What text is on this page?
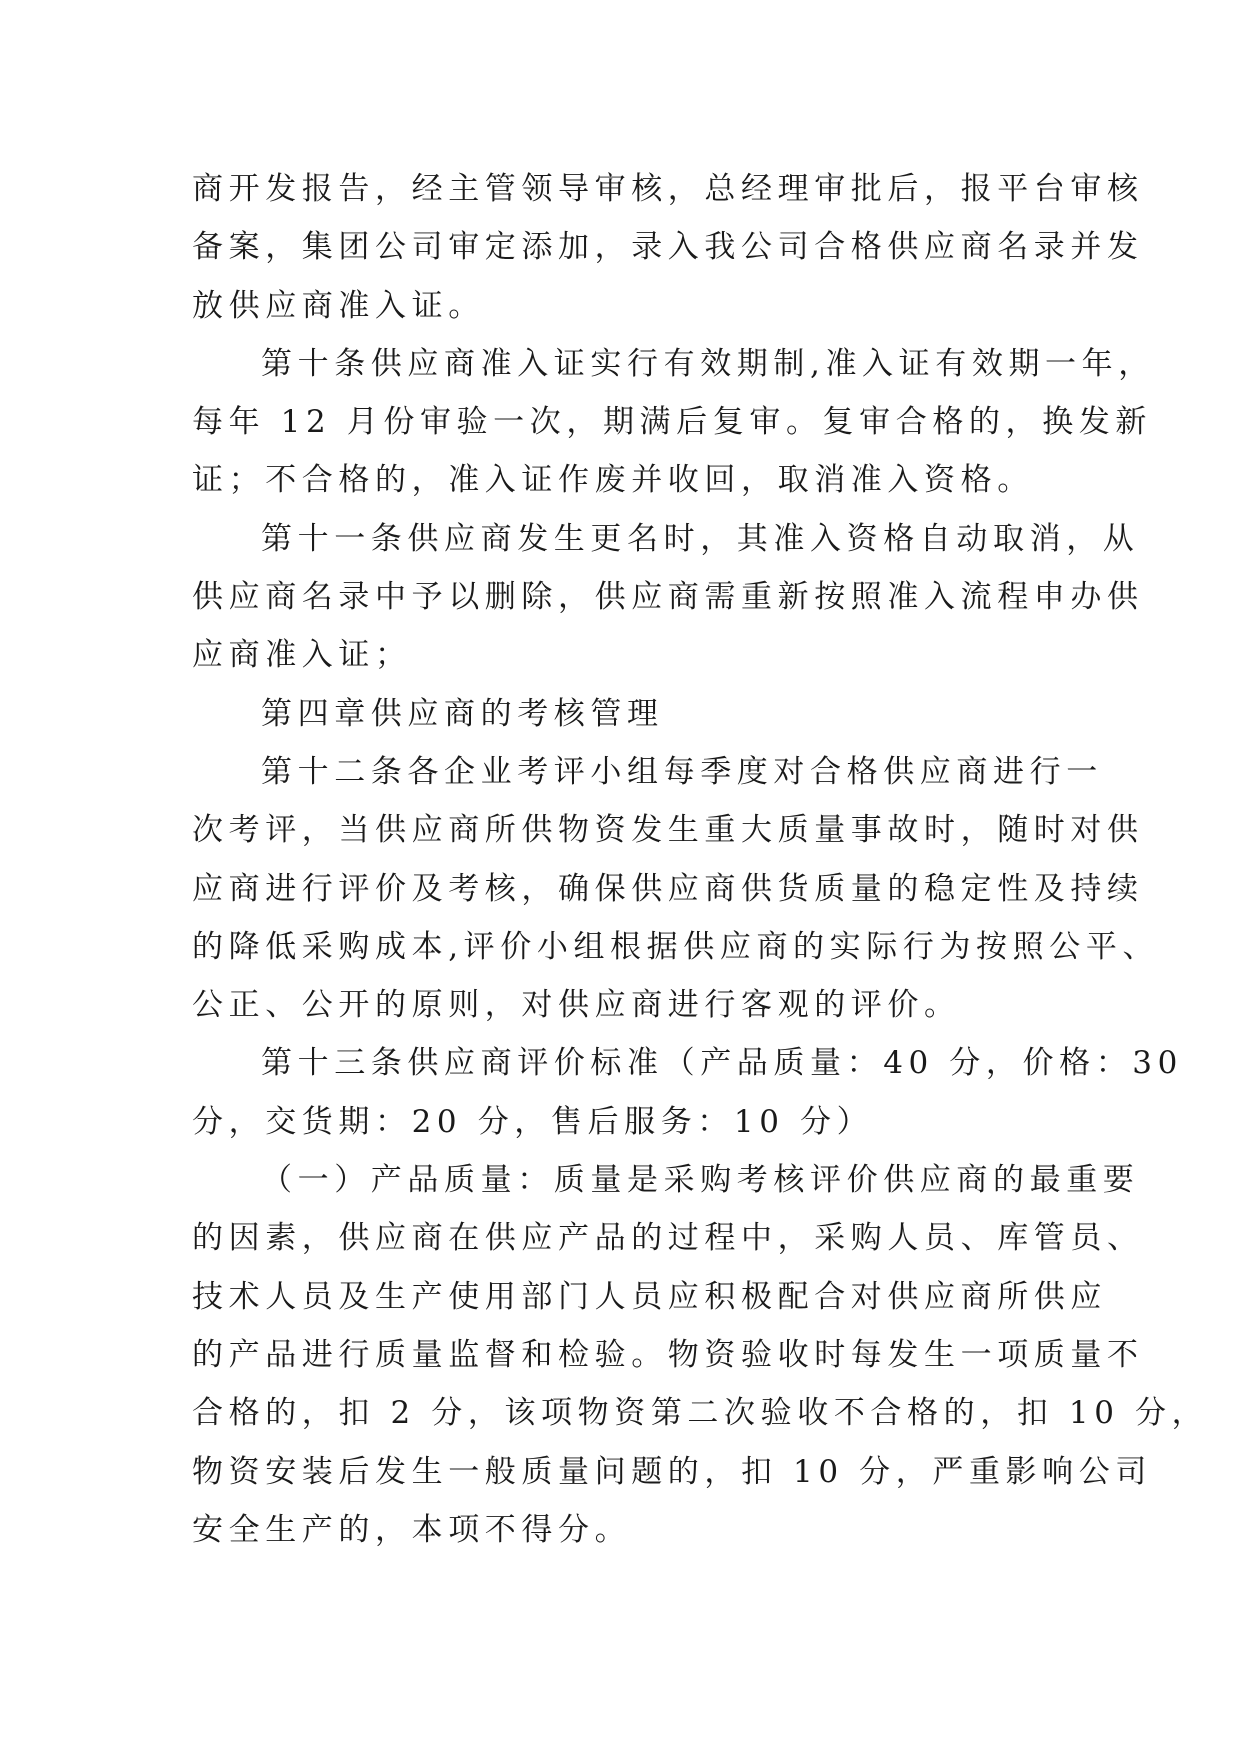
商开发报告，经主管领导审核，总经理审批后，报平台审核
备案，集团公司审定添加，录入我公司合格供应商名录并发
放供应商准入证。
第十条供应商准入证实行有效期制,准入证有效期一年，
每年 12 月份审验一次，期满后复审。复审合格的，换发新
证；不合格的，准入证作废并收回，取消准入资格。
第十一条供应商发生更名时，其准入资格自动取消，从
供应商名录中予以删除，供应商需重新按照准入流程申办供
应商准入证；
第四章供应商的考核管理
第十二条各企业考评小组每季度对合格供应商进行一
次考评，当供应商所供物资发生重大质量事故时，随时对供
应商进行评价及考核，确保供应商供货质量的稳定性及持续
的降低采购成本,评价小组根据供应商的实际行为按照公平、
公正、公开的原则，对供应商进行客观的评价。
第十三条供应商评价标准（产品质量：40 分，价格：30
分，交货期：20 分，售后服务：10 分）
（一）产品质量：质量是采购考核评价供应商的最重要
的因素，供应商在供应产品的过程中，采购人员、库管员、
技术人员及生产使用部门人员应积极配合对供应商所供应
的产品进行质量监督和检验。物资验收时每发生一项质量不
合格的，扣 2 分，该项物资第二次验收不合格的，扣 10 分，
物资安装后发生一般质量问题的，扣 10 分，严重影响公司
安全生产的，本项不得分。
